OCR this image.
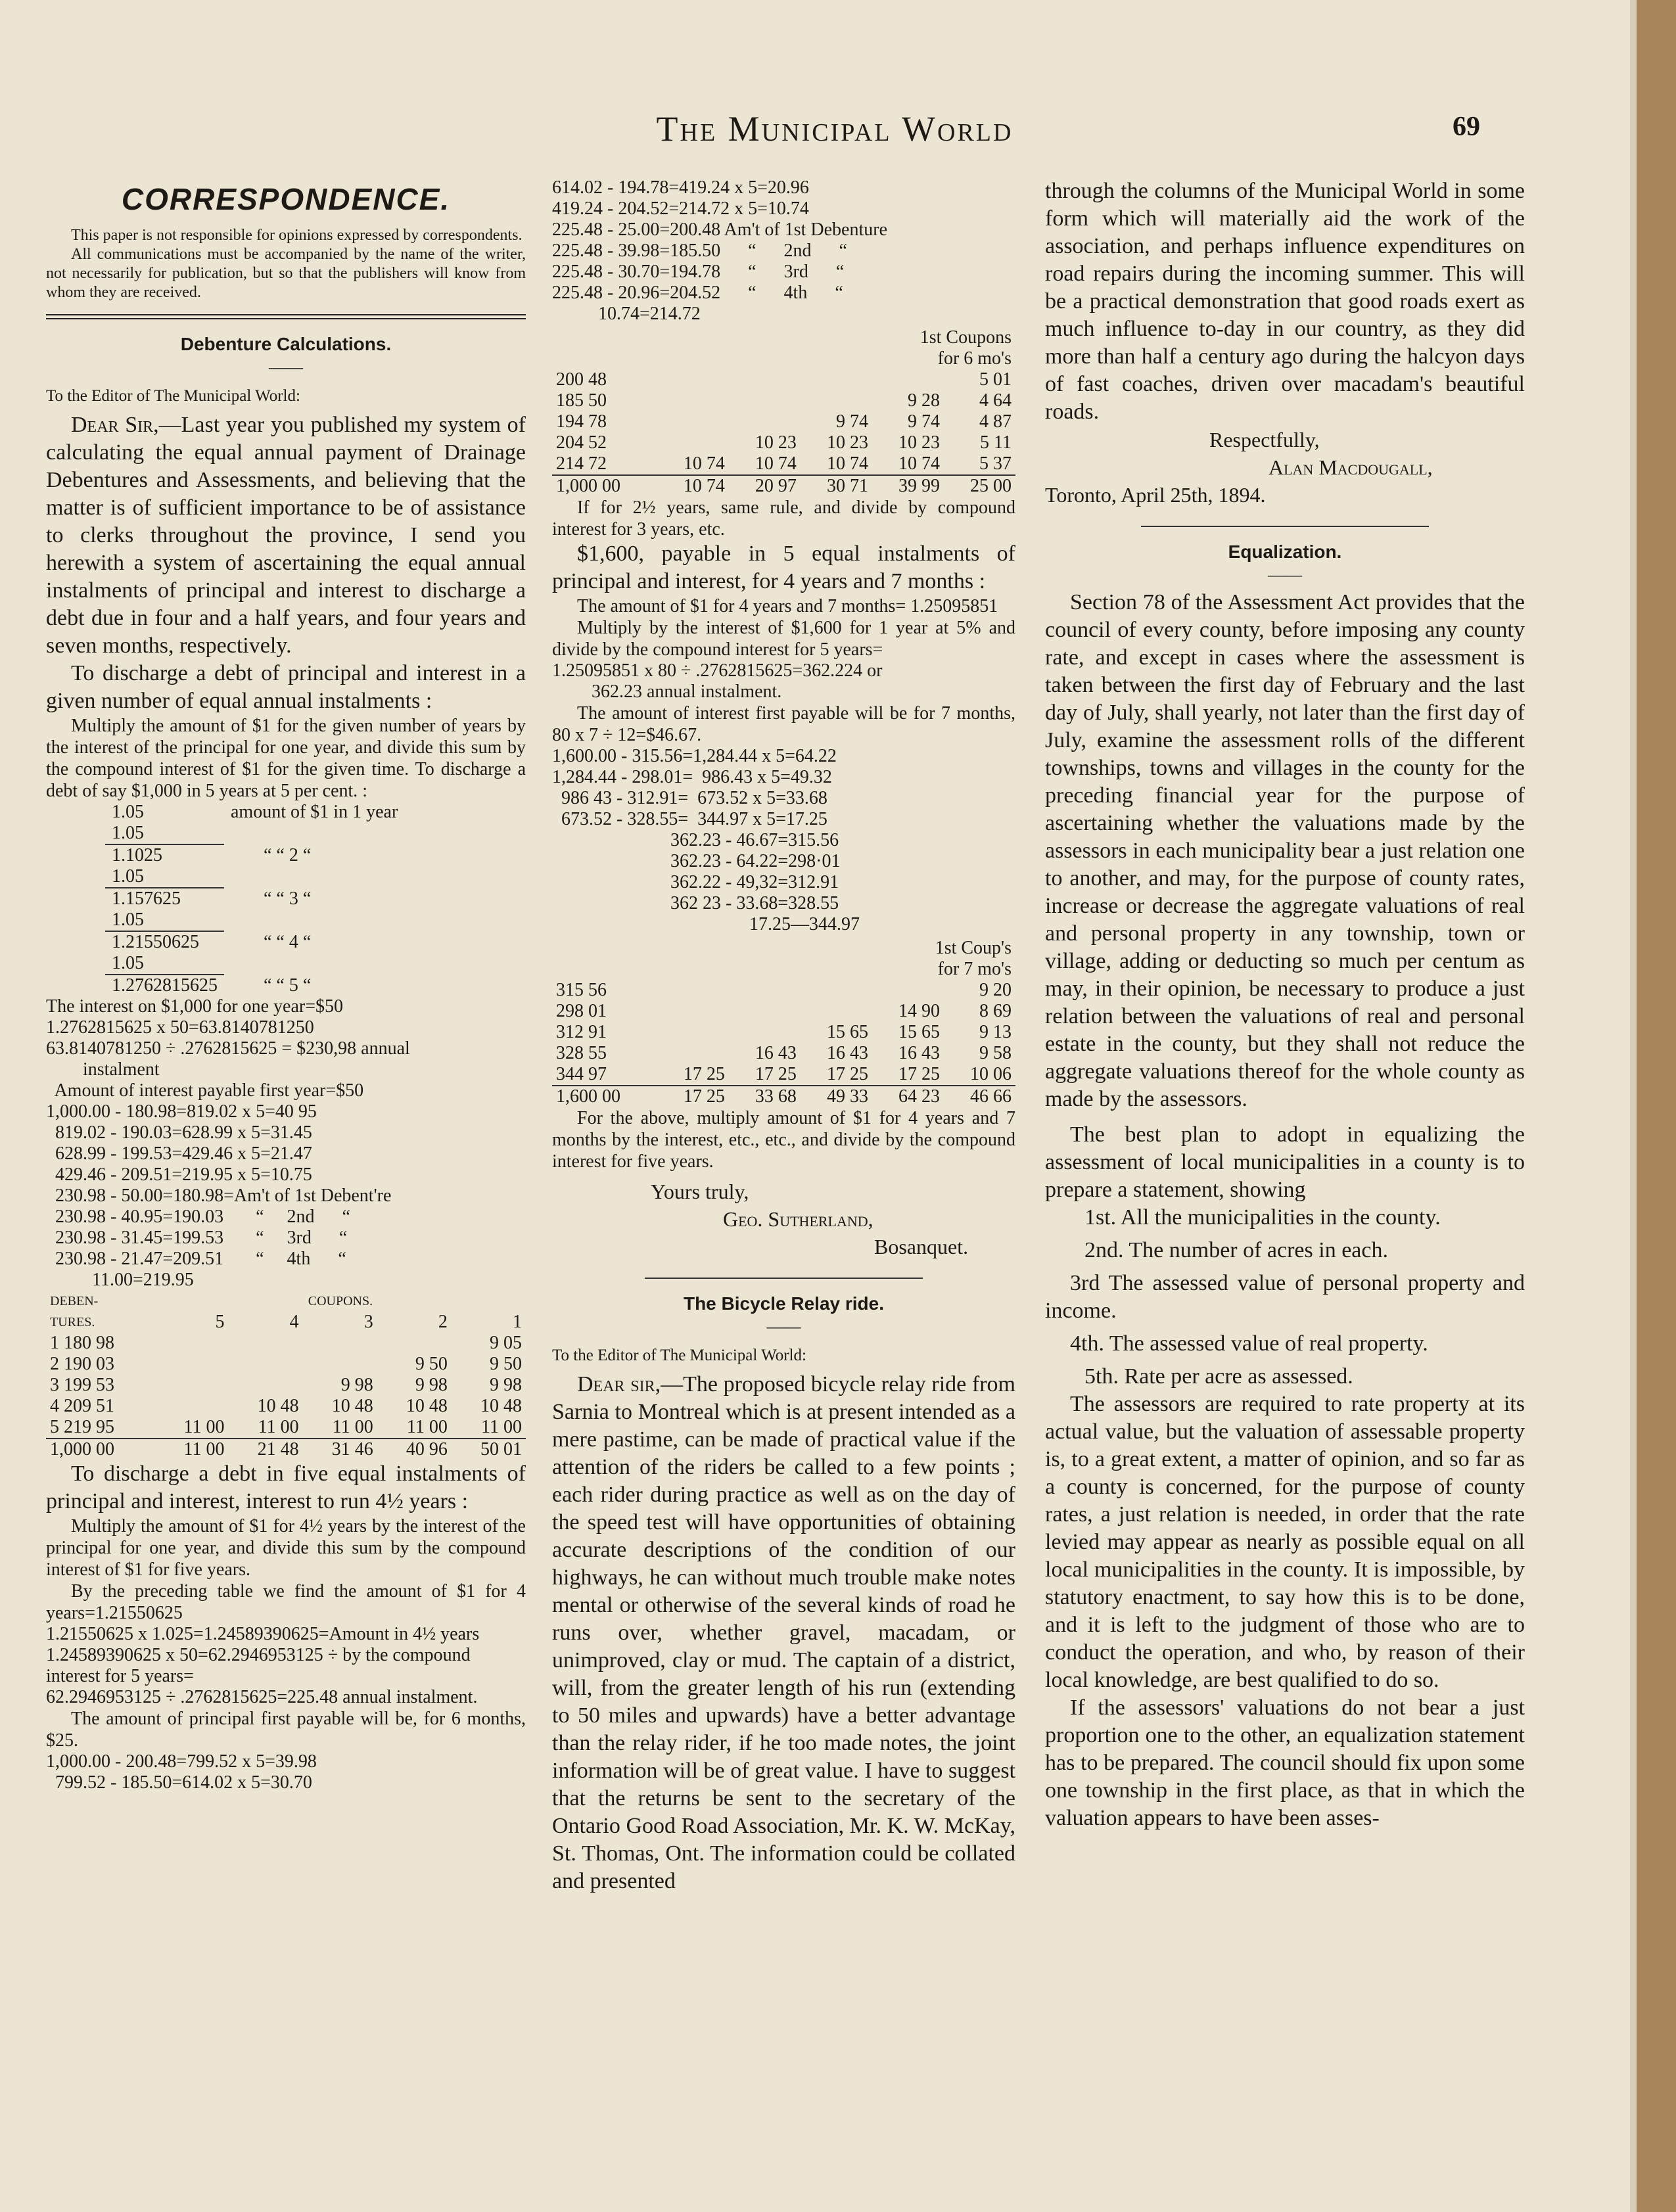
The Municipal World	69
CORRESPONDENCE.

This paper is not responsible for opinions expressed by correspondents.

All communications must be accompanied by the name of the writer, not necessarily for publication, but so that the publishers will know from whom they are received.

Debenture Calculations.
——
To the Editor of The Municipal World:

Dear Sir,—Last year you published my system of calculating the equal annual payment of Drainage Debentures and Assessments, and believing that the matter is of sufficient importance to be of assistance to clerks throughout the province, I send you herewith a system of ascertaining the equal annual instalments of principal and interest to discharge a debt due in four and a half years, and four years and seven months, respectively.

To discharge a debt of principal and interest in a given number of equal annual instalments :

Multiply the amount of $1 for the given number of years by the interest of the principal for one year, and divide this sum by the compound interest of $1 for the given time. To discharge a debt of say $1,000 in 5 years at 5 per cent. :

1.05	amount of $1 in 1 year
1.05	
1.1025	“ “ 2 “
1.05	
1.157625	“ “ 3 “
1.05	
1.21550625	“ “ 4 “
1.05	
1.2762815625	“ “ 5 “

The interest on $1,000 for one year=$50

1.2762815625 x 50=63.8140781250

63.8140781250 ÷ .2762815625 = $230,98 annual

instalment

Amount of interest payable first year=$50

1,000.00 - 180.98=819.02 x 5=40 95

819.02 - 190.03=628.99 x 5=31.45

628.99 - 199.53=429.46 x 5=21.47

429.46 - 209.51=219.95 x 5=10.75

230.98 - 50.00=180.98=Am't of 1st Debent're

230.98 - 40.95=190.03       “     2nd      “

230.98 - 31.45=199.53       “     3rd      “

230.98 - 21.47=209.51       “     4th      “

11.00=219.95

DEBEN-	COUPONS.				
TURES.	5	4	3	2	1
1 180 98					9 05
2 190 03				9 50	9 50
3 199 53			9 98	9 98	9 98
4 209 51		10 48	10 48	10 48	10 48
5 219 95	11 00	11 00	11 00	11 00	11 00
1,000 00	11 00	21 48	31 46	40 96	50 01

To discharge a debt in five equal instalments of principal and interest, interest to run 4½ years :

Multiply the amount of $1 for 4½ years by the interest of the principal for one year, and divide this sum by the compound interest of $1 for five years.

By the preceding table we find the amount of $1 for 4 years=1.21550625

1.21550625 x 1.025=1.24589390625=Amount in 4½ years

1.24589390625 x 50=62.2946953125 ÷ by the compound interest for 5 years=

62.2946953125 ÷ .2762815625=225.48 annual instalment.

The amount of principal first payable will be, for 6 months, $25.

1,000.00 - 200.48=799.52 x 5=39.98

799.52 - 185.50=614.02 x 5=30.70

614.02 - 194.78=419.24 x 5=20.96

419.24 - 204.52=214.72 x 5=10.74

225.48 - 25.00=200.48 Am't of 1st Debenture

225.48 - 39.98=185.50      “      2nd      “

225.48 - 30.70=194.78      “      3rd      “

225.48 - 20.96=204.52      “      4th      “

10.74=214.72

1st Coupons					
for 6 mo's					
200 48					5 01
185 50				9 28	4 64
194 78			9 74	9 74	4 87
204 52		10 23	10 23	10 23	5 11
214 72	10 74	10 74	10 74	10 74	5 37
1,000 00	10 74	20 97	30 71	39 99	25 00

If for 2½ years, same rule, and divide by compound interest for 3 years, etc.

$1,600, payable in 5 equal instalments of principal and interest, for 4 years and 7 months :

The amount of $1 for 4 years and 7 months= 1.25095851

Multiply by the interest of $1,600 for 1 year at 5% and divide by the compound interest for 5 years=

1.25095851 x 80 ÷ .2762815625=362.224 or

362.23 annual instalment.

The amount of interest first payable will be for 7 months, 80 x 7 ÷ 12=$46.67.

1,600.00 - 315.56=1,284.44 x 5=64.22

1,284.44 - 298.01=  986.43 x 5=49.32

986 43 - 312.91=  673.52 x 5=33.68

673.52 - 328.55=  344.97 x 5=17.25

362.23 - 46.67=315.56

362.23 - 64.22=298·01

362.22 - 49,32=312.91

362 23 - 33.68=328.55

17.25—344.97

1st Coup's					
for 7 mo's					
315 56					9 20
298 01				14 90	8 69
312 91			15 65	15 65	9 13
328 55		16 43	16 43	16 43	9 58
344 97	17 25	17 25	17 25	17 25	10 06
1,600 00	17 25	33 68	49 33	64 23	46 66

For the above, multiply amount of $1 for 4 years and 7 months by the interest, etc., etc., and divide by the compound interest for five years.

Yours truly,

Geo. Sutherland,

Bosanquet.

The Bicycle Relay ride.
——
To the Editor of The Municipal World:

Dear sir,—The proposed bicycle relay ride from Sarnia to Montreal which is at present intended as a mere pastime, can be made of practical value if the attention of the riders be called to a few points ; each rider during practice as well as on the day of the speed test will have opportunities of obtaining accurate descriptions of the condition of our highways, he can without much trouble make notes mental or otherwise of the several kinds of road he runs over, whether gravel, macadam, or unimproved, clay or mud. The captain of a district, will, from the greater length of his run (extending to 50 miles and upwards) have a better advantage than the relay rider, if he too made notes, the joint information will be of great value. I have to suggest that the returns be sent to the secretary of the Ontario Good Road Association, Mr. K. W. McKay, St. Thomas, Ont. The information could be collated and presented

through the columns of the Municipal World in some form which will materially aid the work of the association, and perhaps influence expenditures on road repairs during the incoming summer. This will be a practical demonstration that good roads exert as much influence to-day in our country, as they did more than half a century ago during the halcyon days of fast coaches, driven over macadam's beautiful roads.

Respectfully,

Alan Macdougall,

Toronto, April 25th, 1894.

Equalization.
——

Section 78 of the Assessment Act provides that the council of every county, before imposing any county rate, and except in cases where the assessment is taken between the first day of February and the last day of July, shall yearly, not later than the first day of July, examine the assessment rolls of the different townships, towns and villages in the county for the preceding financial year for the purpose of ascertaining whether the valuations made by the assessors in each municipality bear a just relation one to another, and may, for the purpose of county rates, increase or decrease the aggregate valuations of real and personal property in any township, town or village, adding or deducting so much per centum as may, in their opinion, be necessary to produce a just relation between the valuations of real and personal estate in the county, but they shall not reduce the aggregate valuations thereof for the whole county as made by the assessors.

The best plan to adopt in equalizing the assessment of local municipalities in a county is to prepare a statement, showing

1st. All the municipalities in the county.

2nd. The number of acres in each.

3rd The assessed value of personal property and income.

4th. The assessed value of real property.

5th. Rate per acre as assessed.

The assessors are required to rate property at its actual value, but the valuation of assessable property is, to a great extent, a matter of opinion, and so far as a county is concerned, for the purpose of county rates, a just relation is needed, in order that the rate levied may appear as nearly as possible equal on all local municipalities in the county. It is impossible, by statutory enactment, to say how this is to be done, and it is left to the judgment of those who are to conduct the operation, and who, by reason of their local knowledge, are best qualified to do so.

If the assessors' valuations do not bear a just proportion one to the other, an equalization statement has to be prepared. The council should fix upon some one township in the first place, as that in which the valuation appears to have been asses-
